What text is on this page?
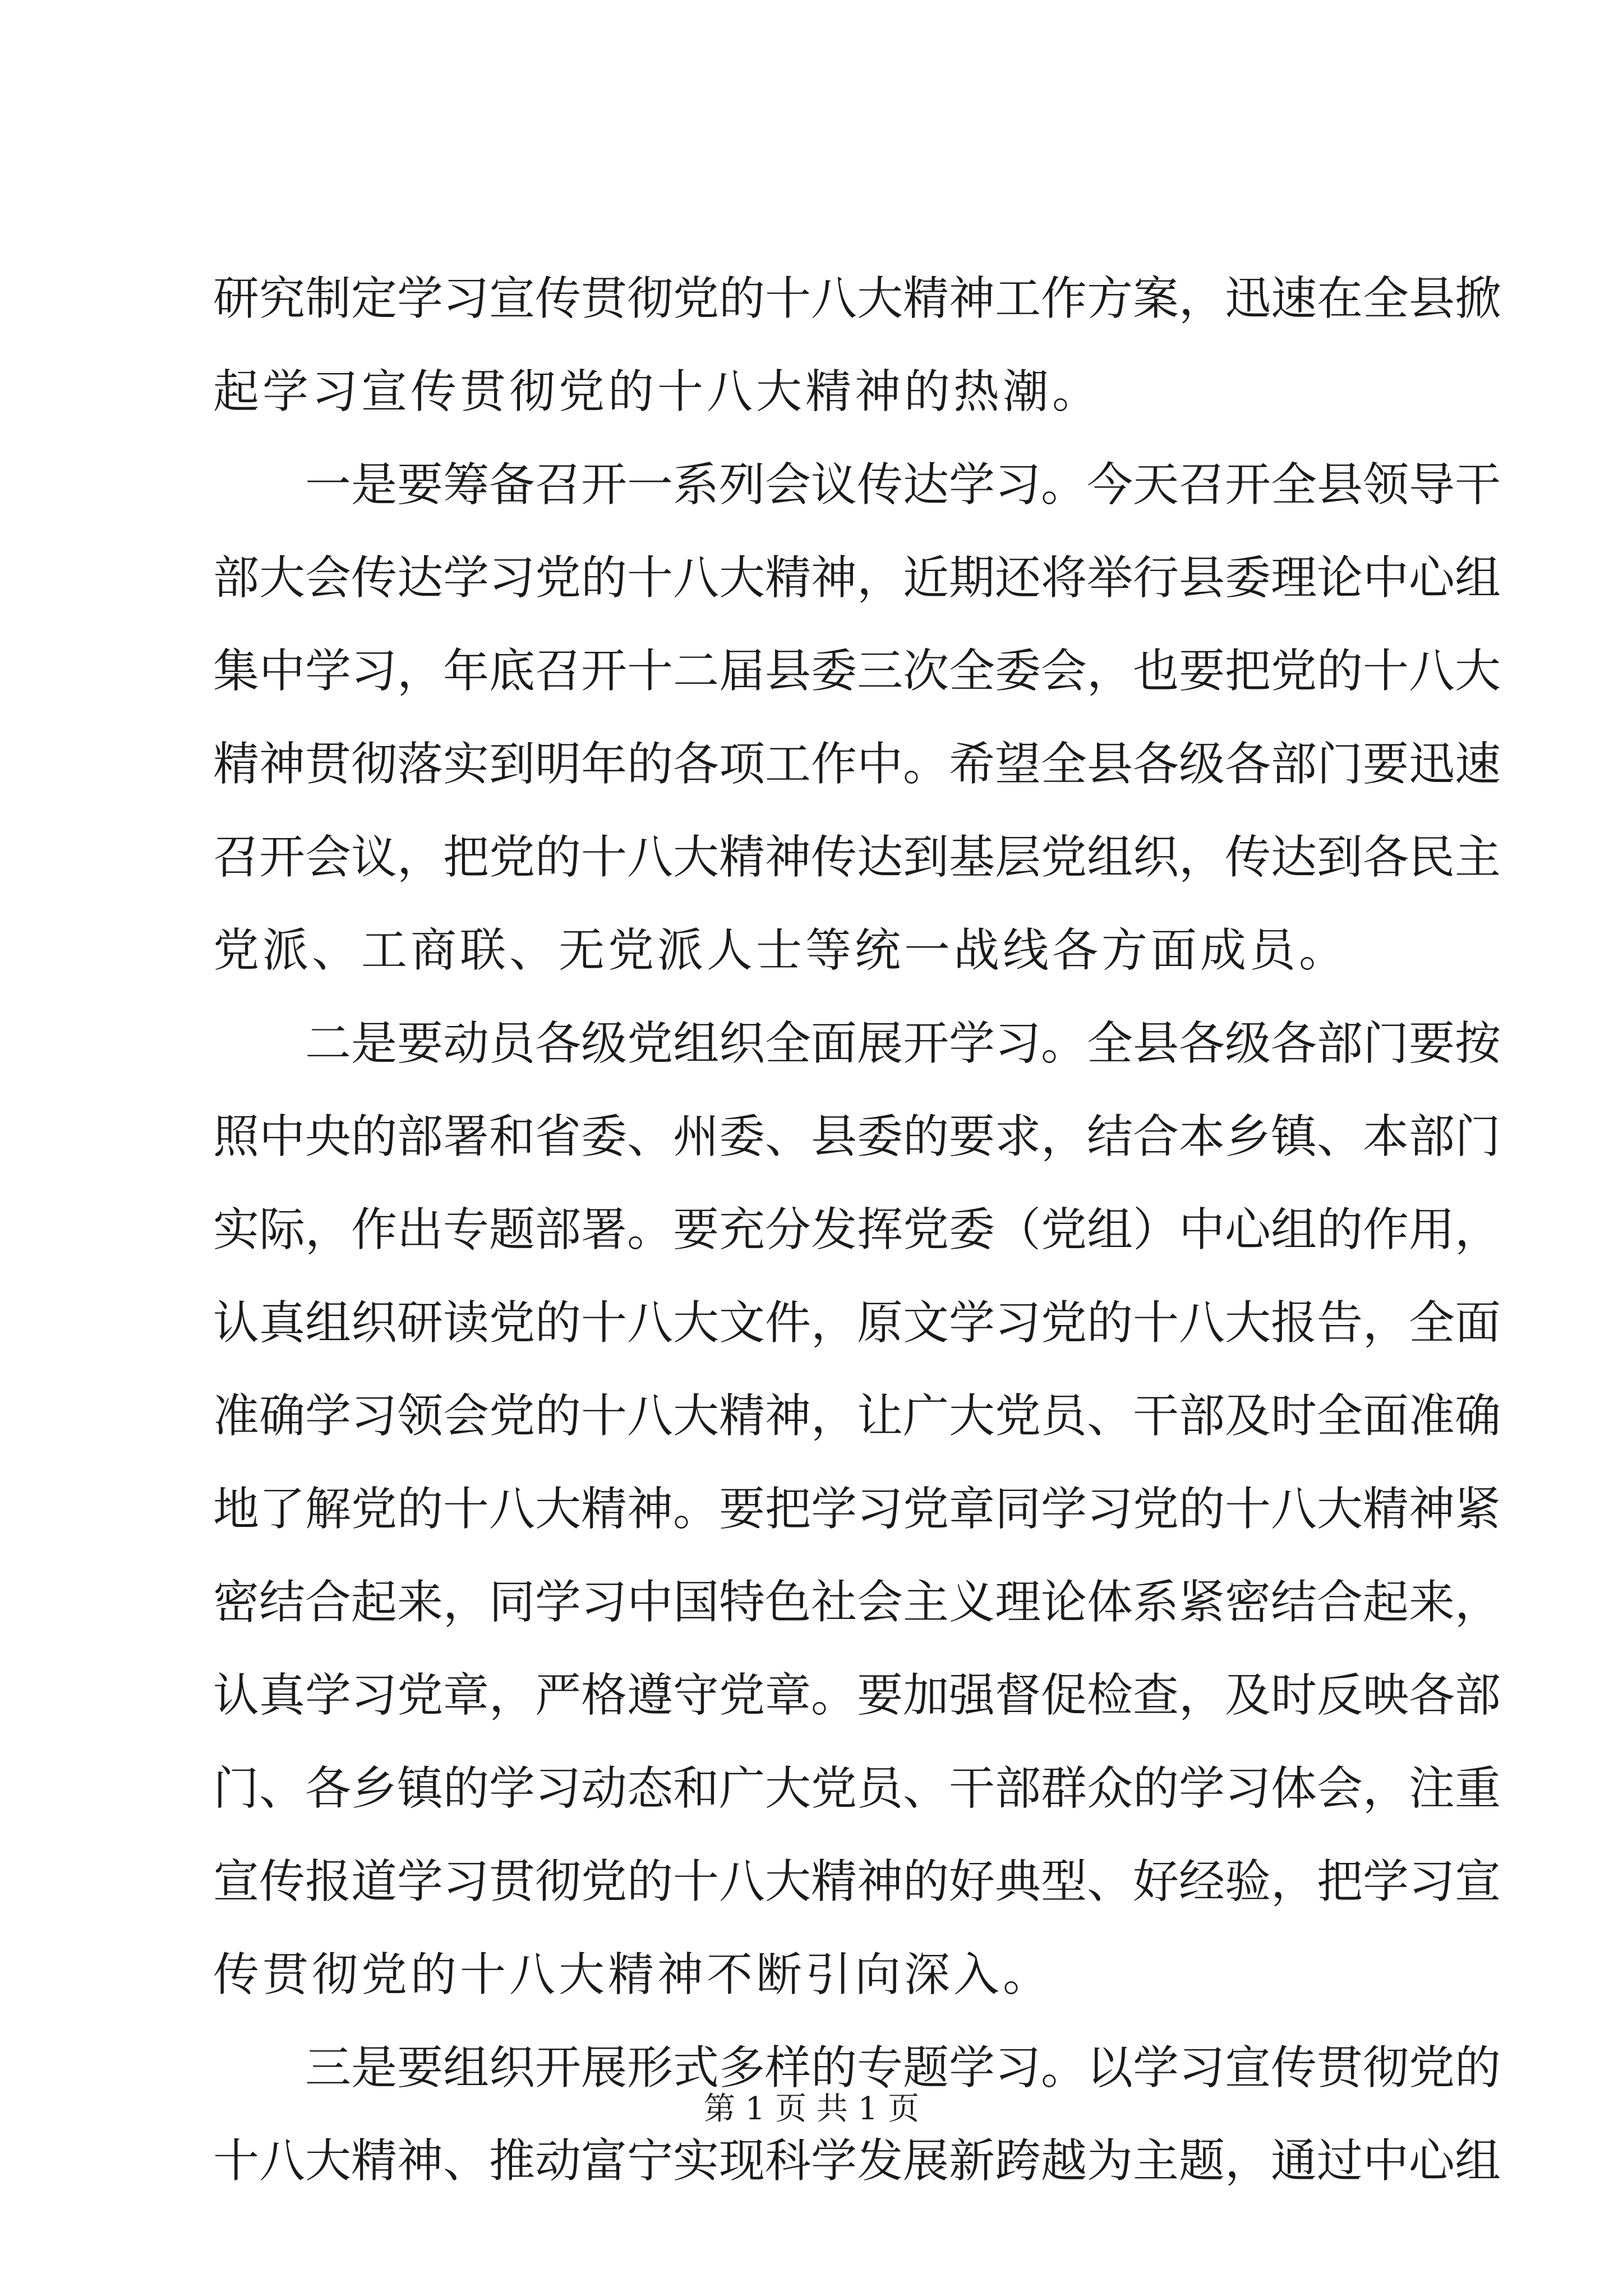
研究制定学习宣传贯彻党的十八大精神工作方案，迅速在全县掀
起学习宣传贯彻党的十八大精神的热潮。
一是要筹备召开一系列会议传达学习。今天召开全县领导干
部大会传达学习党的十八大精神，近期还将举行县委理论中心组
集中学习，年底召开十二届县委三次全委会，也要把党的十八大
精神贯彻落实到明年的各项工作中。希望全县各级各部门要迅速
召开会议，把党的十八大精神传达到基层党组织，传达到各民主
党派、工商联、无党派人士等统一战线各方面成员。
二是要动员各级党组织全面展开学习。全县各级各部门要按
照中央的部署和省委、州委、县委的要求，结合本乡镇、本部门
实际，作出专题部署。要充分发挥党委（党组）中心组的作用，
认真组织研读党的十八大文件，原文学习党的十八大报告，全面
准确学习领会党的十八大精神，让广大党员、干部及时全面准确
地了解党的十八大精神。要把学习党章同学习党的十八大精神紧
密结合起来，同学习中国特色社会主义理论体系紧密结合起来，
认真学习党章，严格遵守党章。要加强督促检查，及时反映各部
门、各乡镇的学习动态和广大党员、干部群众的学习体会，注重
宣传报道学习贯彻党的十八大精神的好典型、好经验，把学习宣
传贯彻党的十八大精神不断引向深入。
三是要组织开展形式多样的专题学习。以学习宣传贯彻党的
十八大精神、推动富宁实现科学发展新跨越为主题，通过中心组
第 1 页 共 1 页
